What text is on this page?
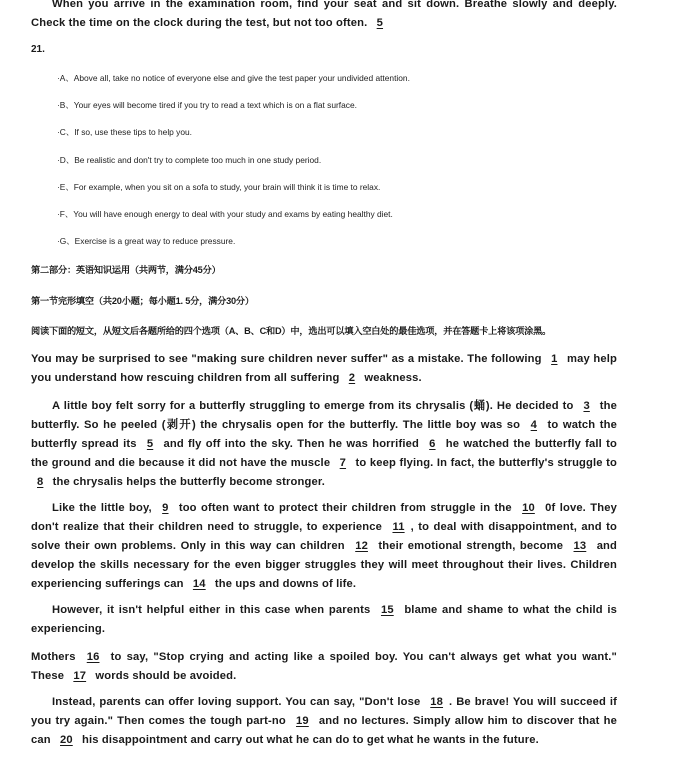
When you arrive in the examination room, find your seat and sit down. Breathe slowly and deeply. Check the time on the clock during the test, but not too often. 5
21.
·A、Above all, take no notice of everyone else and give the test paper your undivided attention.
·B、Your eyes will become tired if you try to read a text which is on a flat surface.
·C、If so, use these tips to help you.
·D、Be realistic and don't try to complete too much in one study period.
·E、For example, when you sit on a sofa to study, your brain will think it is time to relax.
·F、You will have enough energy to deal with your study and exams by eating healthy diet.
·G、Exercise is a great way to reduce pressure.
第二部分：英语知识运用（共两节，满分45分）
第一节完形填空（共20小题；每小题1. 5分，满分30分）
阅读下面的短文，从短文后各题所给的四个选项（A、B、C和D）中，选出可以填入空白处的最佳选项，并在答题卡上将该项涂黑。
You may be surprised to see "making sure children never suffer" as a mistake. The following 1 may help you understand how rescuing children from all suffering 2 weakness.
A little boy felt sorry for a butterfly struggling to emerge from its chrysalis (蛹). He decided to 3 the butterfly. So he peeled (剥开) the chrysalis open for the butterfly. The little boy was so 4 to watch the butterfly spread its 5 and fly off into the sky. Then he was horrified 6 he watched the butterfly fall to the ground and die because it did not have the muscle 7 to keep flying. In fact, the butterfly's struggle to 8 the chrysalis helps the butterfly become stronger.
Like the little boy, 9 too often want to protect their children from struggle in the 10 0f love. They don't realize that their children need to struggle, to experience 11 , to deal with disappointment, and to solve their own problems. Only in this way can children 12 their emotional strength, become 13 and develop the skills necessary for the even bigger struggles they will meet throughout their lives. Children experiencing sufferings can 14 the ups and downs of life.
However, it isn't helpful either in this case when parents 15 blame and shame to what the child is experiencing.
Mothers 16 to say, "Stop crying and acting like a spoiled boy. You can't always get what you want." These 17 words should be avoided.
Instead, parents can offer loving support. You can say, "Don't lose 18 . Be brave! You will succeed if you try again." Then comes the tough part-no 19 and no lectures. Simply allow him to discover that he can 20 his disappointment and carry out what he can do to get what he wants in the future.
